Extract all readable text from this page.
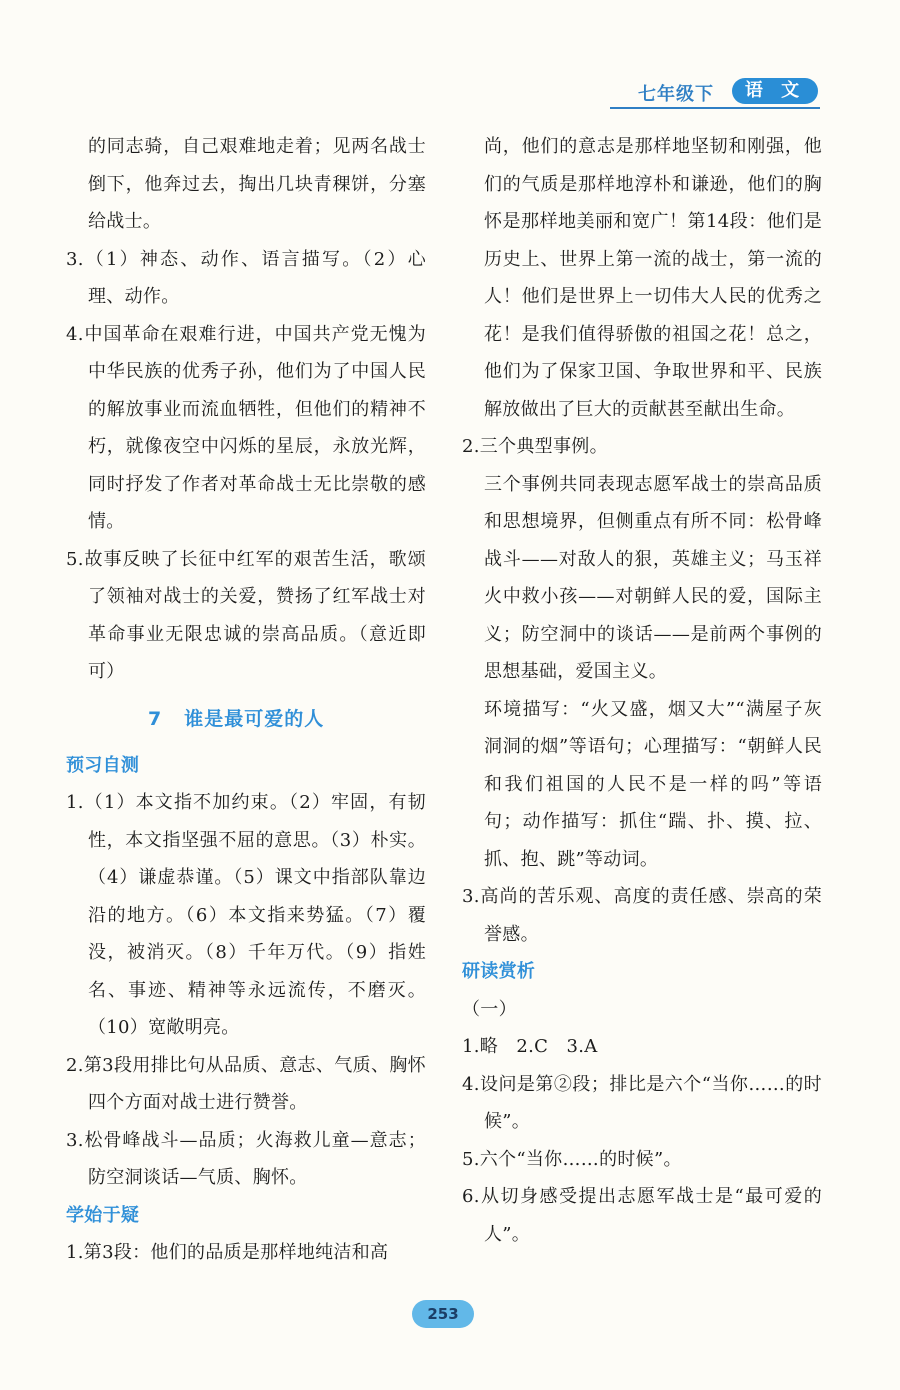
七年级下	语 文

的同志骑，自己艰难地走着；见两名战士倒下，他奔过去，掏出几块青稞饼，分塞给战士。

3.（1）神态、动作、语言描写。（2）心理、动作。

4.中国革命在艰难行进，中国共产党无愧为中华民族的优秀子孙，他们为了中国人民的解放事业而流血牺牲，但他们的精神不朽，就像夜空中闪烁的星辰，永放光辉，同时抒发了作者对革命战士无比崇敬的感情。

5.故事反映了长征中红军的艰苦生活，歌颂了领袖对战士的关爱，赞扬了红军战士对革命事业无限忠诚的崇高品质。（意近即可）

7 谁是最可爱的人

预习自测

1.（1）本文指不加约束。（2）牢固，有韧性，本文指坚强不屈的意思。（3）朴实。（4）谦虚恭谨。（5）课文中指部队靠边沿的地方。（6）本文指来势猛。（7）覆没，被消灭。（8）千年万代。（9）指姓名、事迹、精神等永远流传，不磨灭。（10）宽敞明亮。

2.第3段用排比句从品质、意志、气质、胸怀四个方面对战士进行赞誉。

3.松骨峰战斗—品质；火海救儿童—意志；防空洞谈话—气质、胸怀。

学始于疑

1.第3段：他们的品质是那样地纯洁和高

尚，他们的意志是那样地坚韧和刚强，他们的气质是那样地淳朴和谦逊，他们的胸怀是那样地美丽和宽广！第14段：他们是历史上、世界上第一流的战士，第一流的人！他们是世界上一切伟大人民的优秀之花！是我们值得骄傲的祖国之花！总之，他们为了保家卫国、争取世界和平、民族解放做出了巨大的贡献甚至献出生命。

2.三个典型事例。

三个事例共同表现志愿军战士的崇高品质和思想境界，但侧重点有所不同：松骨峰战斗——对敌人的狠，英雄主义；马玉祥火中救小孩——对朝鲜人民的爱，国际主义；防空洞中的谈话——是前两个事例的思想基础，爱国主义。

环境描写：“火又盛，烟又大”“满屋子灰洞洞的烟”等语句；心理描写：“朝鲜人民和我们祖国的人民不是一样的吗”等语句；动作描写：抓住“踹、扑、摸、拉、抓、抱、跳”等动词。

3.高尚的苦乐观、高度的责任感、崇高的荣誉感。

研读赏析

（一）

1.略　2.C　3.A

4.设问是第②段；排比是六个“当你……的时候”。

5.六个“当你……的时候”。

6.从切身感受提出志愿军战士是“最可爱的人”。

253
